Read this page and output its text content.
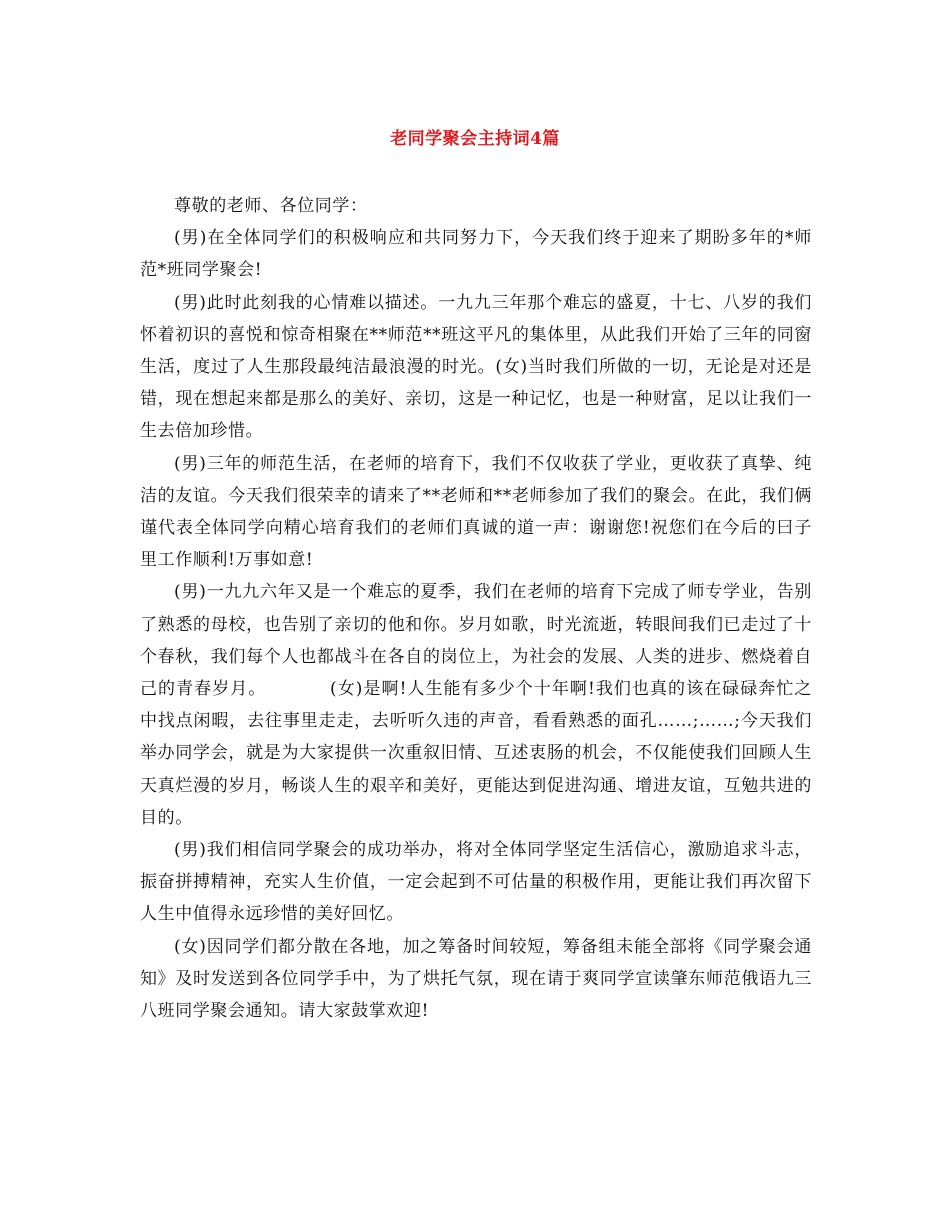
老同学聚会主持词4篇

尊敬的老师、各位同学：

(男)在全体同学们的积极响应和共同努力下，今天我们终于迎来了期盼多年的*师范*班同学聚会!

(男)此时此刻我的心情难以描述。一九九三年那个难忘的盛夏，十七、八岁的我们怀着初识的喜悦和惊奇相聚在**师范**班这平凡的集体里，从此我们开始了三年的同窗生活，度过了人生那段最纯洁最浪漫的时光。(女)当时我们所做的一切，无论是对还是错，现在想起来都是那么的美好、亲切，这是一种记忆，也是一种财富，足以让我们一生去倍加珍惜。

(男)三年的师范生活，在老师的培育下，我们不仅收获了学业，更收获了真挚、纯洁的友谊。今天我们很荣幸的请来了**老师和**老师参加了我们的聚会。在此，我们俩谨代表全体同学向精心培育我们的老师们真诚的道一声：谢谢您!祝您们在今后的曰子里工作顺利!万事如意!

(男)一九九六年又是一个难忘的夏季，我们在老师的培育下完成了师专学业，告别了熟悉的母校，也告别了亲切的他和你。岁月如歌，时光流逝，转眼间我们已走过了十个春秋，我们每个人也都战斗在各自的岗位上，为社会的发展、人类的进步、燃烧着自己的青春岁月。　　　　(女)是啊!人生能有多少个十年啊!我们也真的该在碌碌奔忙之中找点闲暇，去往事里走走，去听听久违的声音，看看熟悉的面孔……;……;今天我们举办同学会，就是为大家提供一次重叙旧情、互述衷肠的机会，不仅能使我们回顾人生天真烂漫的岁月，畅谈人生的艰辛和美好，更能达到促进沟通、增进友谊，互勉共进的目的。

(男)我们相信同学聚会的成功举办，将对全体同学坚定生活信心，激励追求斗志，振奋拼搏精神，充实人生价值，一定会起到不可估量的积极作用，更能让我们再次留下人生中值得永远珍惜的美好回忆。

(女)因同学们都分散在各地，加之筹备时间较短，筹备组未能全部将《同学聚会通知》及时发送到各位同学手中，为了烘托气氛，现在请于爽同学宣读肇东师范俄语九三八班同学聚会通知。请大家鼓掌欢迎!
